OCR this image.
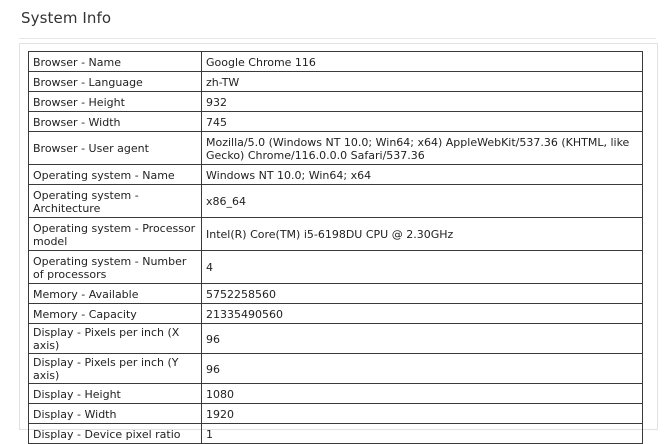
System Info
Browser - Name	Google Chrome 116
Browser - Language	zh-TW
Browser - Height	932
Browser - Width	745
Browser - User agent	Mozilla/5.0 (Windows NT 10.0; Win64; x64) AppleWebKit/537.36 (KHTML, like Gecko) Chrome/116.0.0.0 Safari/537.36
Operating system - Name	Windows NT 10.0; Win64; x64
Operating system - Architecture	x86_64
Operating system - Processor model	Intel(R) Core(TM) i5-6198DU CPU @ 2.30GHz
Operating system - Number of processors	4
Memory - Available	5752258560
Memory - Capacity	21335490560
Display - Pixels per inch (X axis)	96
Display - Pixels per inch (Y axis)	96
Display - Height	1080
Display - Width	1920
Display - Device pixel ratio	1
